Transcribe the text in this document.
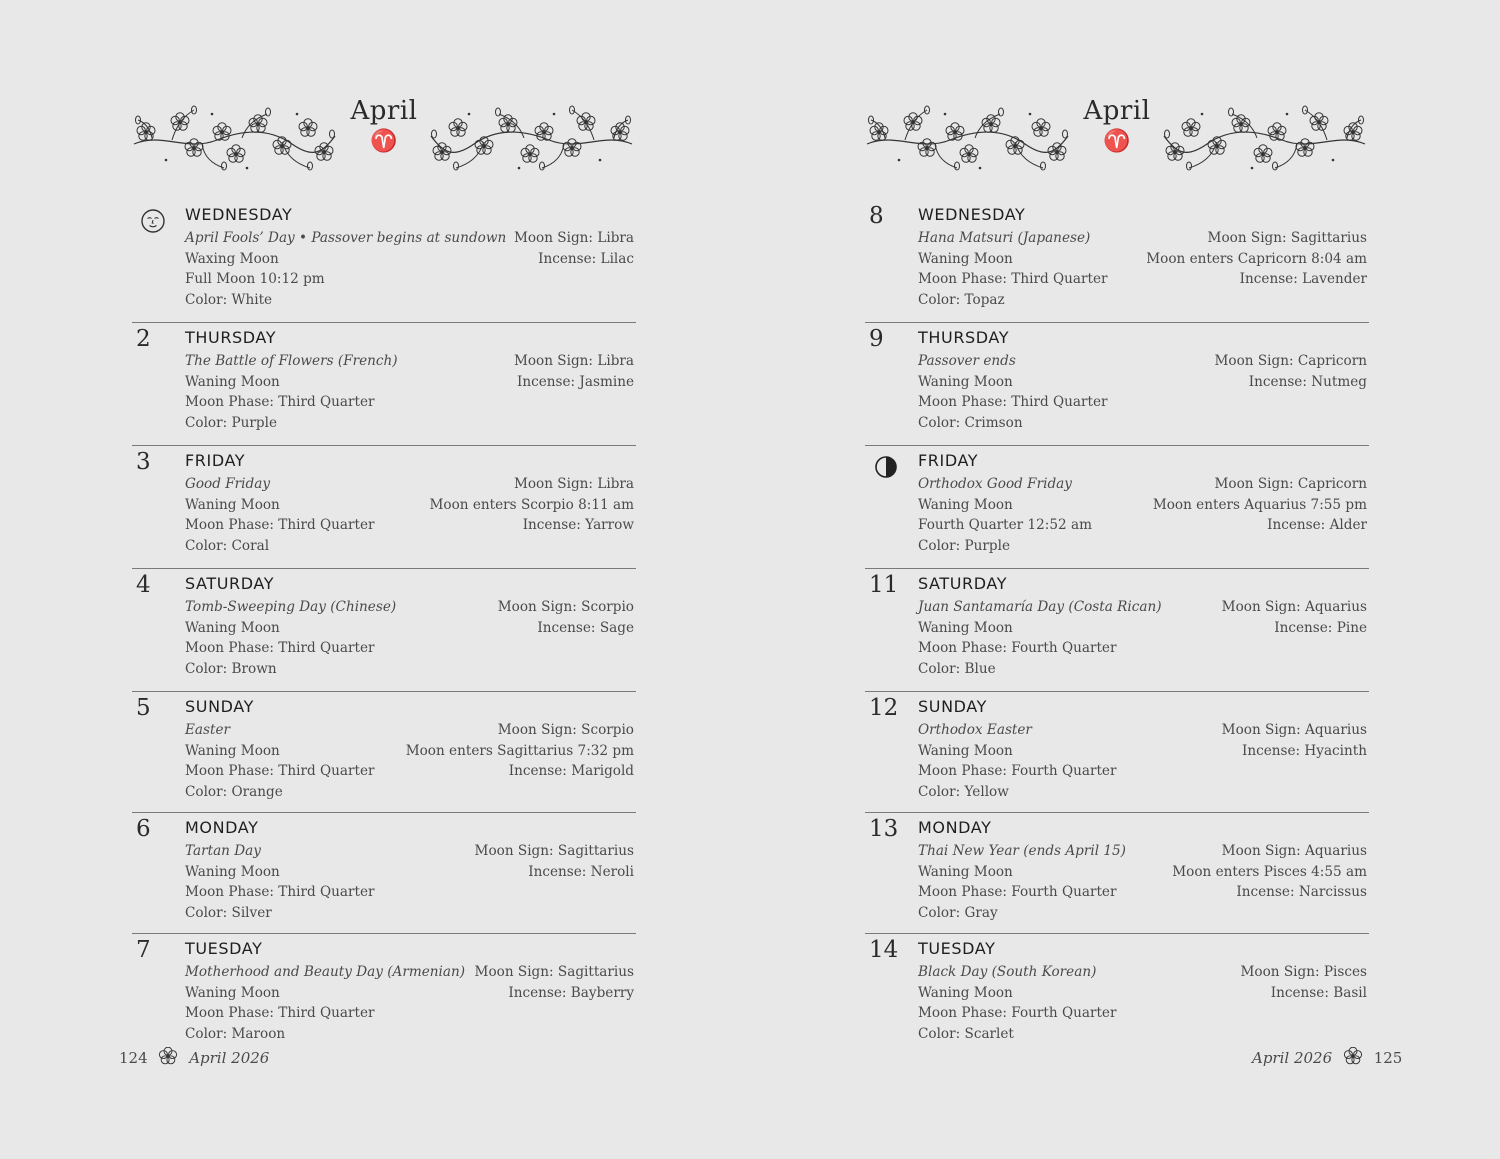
April
♈
WEDNESDAY
April Fools’ Day • Passover begins at sundown Moon Sign: Libra
Waxing Moon	Incense: Lilac
Full Moon 10:12 pm
Color: White
2	THURSDAY
The Battle of Flowers (French)	Moon Sign: Libra
Waning Moon	Incense: Jasmine
Moon Phase: Third Quarter
Color: Purple
3	FRIDAY
Good Friday	Moon Sign: Libra
Waning Moon	Moon enters Scorpio 8:11 am
Moon Phase: Third Quarter	Incense: Yarrow
Color: Coral
4	SATURDAY
Tomb-Sweeping Day (Chinese)	Moon Sign: Scorpio
Waning Moon	Incense: Sage
Moon Phase: Third Quarter
Color: Brown
5	SUNDAY
Easter	Moon Sign: Scorpio
Waning Moon	Moon enters Sagittarius 7:32 pm
Moon Phase: Third Quarter	Incense: Marigold
Color: Orange
6	MONDAY
Tartan Day	Moon Sign: Sagittarius
Waning Moon	Incense: Neroli
Moon Phase: Third Quarter
Color: Silver
7	TUESDAY
Motherhood and Beauty Day (Armenian) Moon Sign: Sagittarius
Waning Moon	Incense: Bayberry
Moon Phase: Third Quarter
Color: Maroon
124	April 2026
April
♈
8	WEDNESDAY
Hana Matsuri (Japanese)	Moon Sign: Sagittarius
Waning Moon	Moon enters Capricorn 8:04 am
Moon Phase: Third Quarter	Incense: Lavender
Color: Topaz
9	THURSDAY
Passover ends	Moon Sign: Capricorn
Waning Moon	Incense: Nutmeg
Moon Phase: Third Quarter
Color: Crimson
FRIDAY
Orthodox Good Friday	Moon Sign: Capricorn
Waning Moon	Moon enters Aquarius 7:55 pm
Fourth Quarter 12:52 am	Incense: Alder
Color: Purple
11	SATURDAY
Juan Santamaría Day (Costa Rican)	Moon Sign: Aquarius
Waning Moon	Incense: Pine
Moon Phase: Fourth Quarter
Color: Blue
12	SUNDAY
Orthodox Easter	Moon Sign: Aquarius
Waning Moon	Incense: Hyacinth
Moon Phase: Fourth Quarter
Color: Yellow
13	MONDAY
Thai New Year (ends April 15)	Moon Sign: Aquarius
Waning Moon	Moon enters Pisces 4:55 am
Moon Phase: Fourth Quarter	Incense: Narcissus
Color: Gray
14	TUESDAY
Black Day (South Korean)	Moon Sign: Pisces
Waning Moon	Incense: Basil
Moon Phase: Fourth Quarter
Color: Scarlet
April 2026	125
